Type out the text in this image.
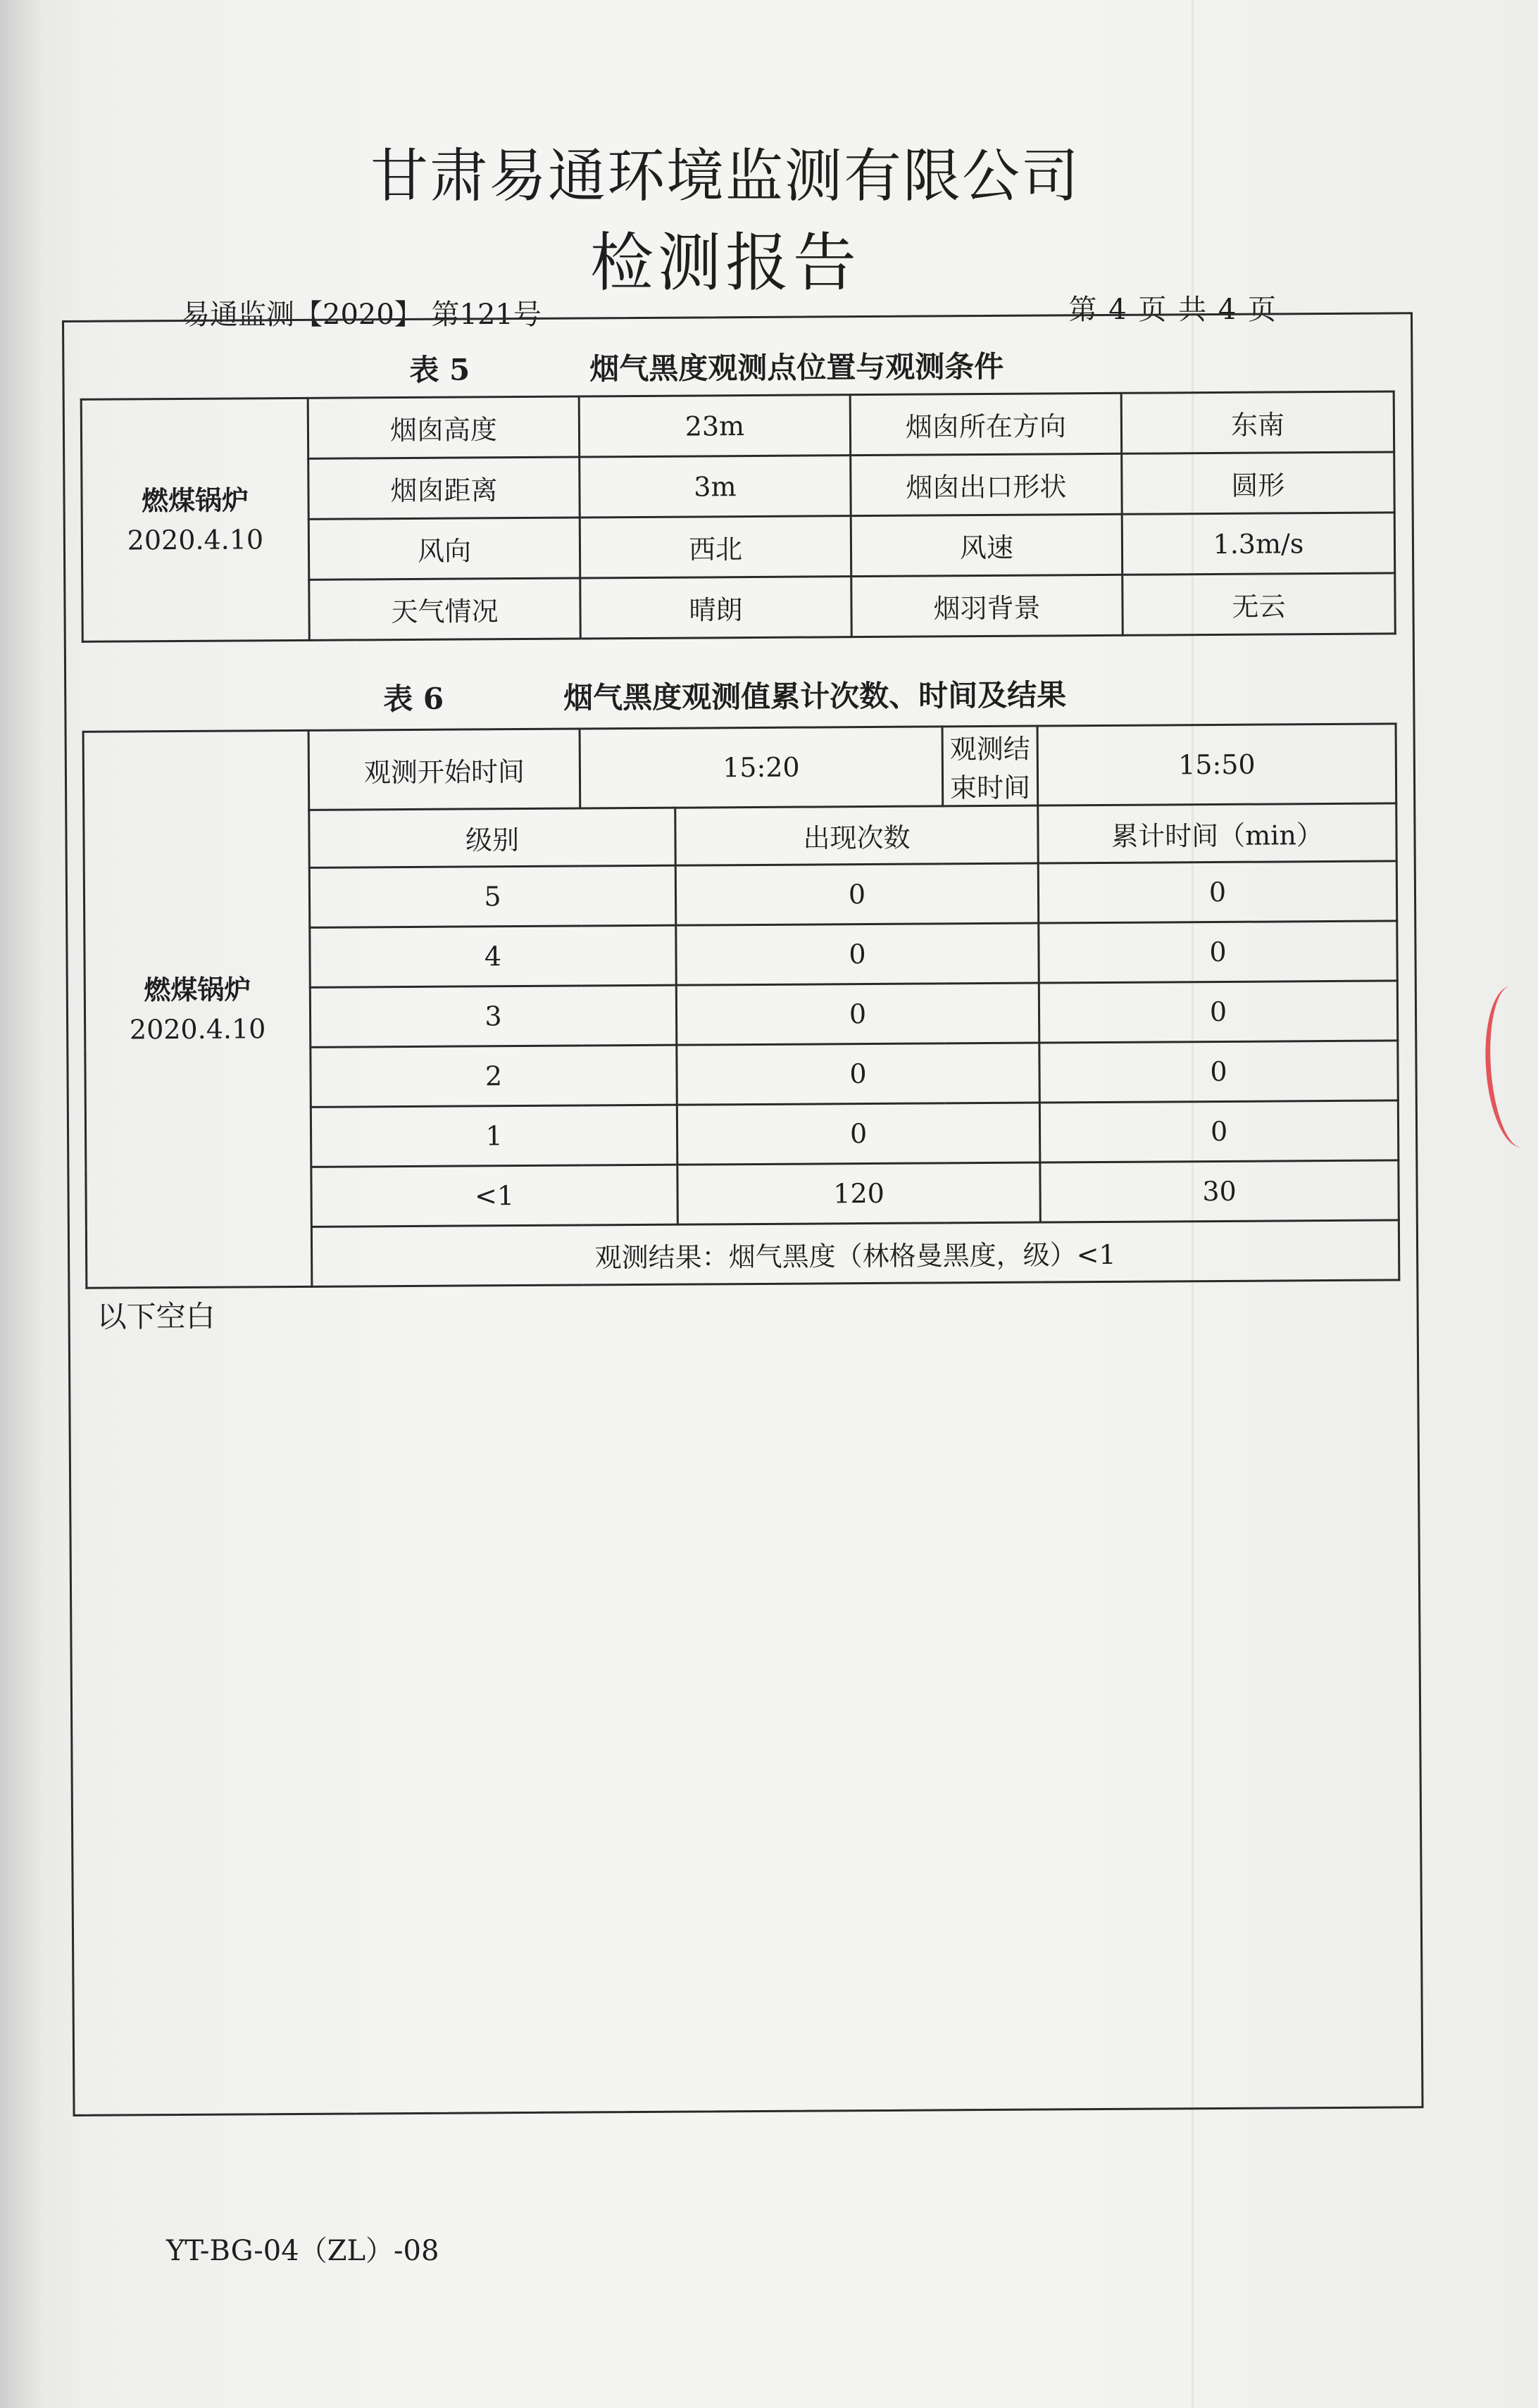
甘肃易通环境监测有限公司
检测报告
易通监测【2020】 第121号	第 4 页 共 4 页
表 5	烟气黑度观测点位置与观测条件
燃煤锅炉
2020.4.10	烟囱高度	23m	烟囱所在方向	东南
	烟囱距离	3m	烟囱出口形状	圆形
	风向	西北	风速	1.3m/s
	天气情况	晴朗	烟羽背景	无云
表 6	烟气黑度观测值累计次数、时间及结果
燃煤锅炉
2020.4.10	观测开始时间	15:20		观测结束时间	15:50
	级别		出现次数		累计时间（min）
	5		0		0
	4		0		0
	3		0		0
	2		0		0
	1		0		0
	<1		120		30
	观测结果：烟气黑度（林格曼黑度，级）<1				
以下空白
YT-BG-04（ZL）-08
